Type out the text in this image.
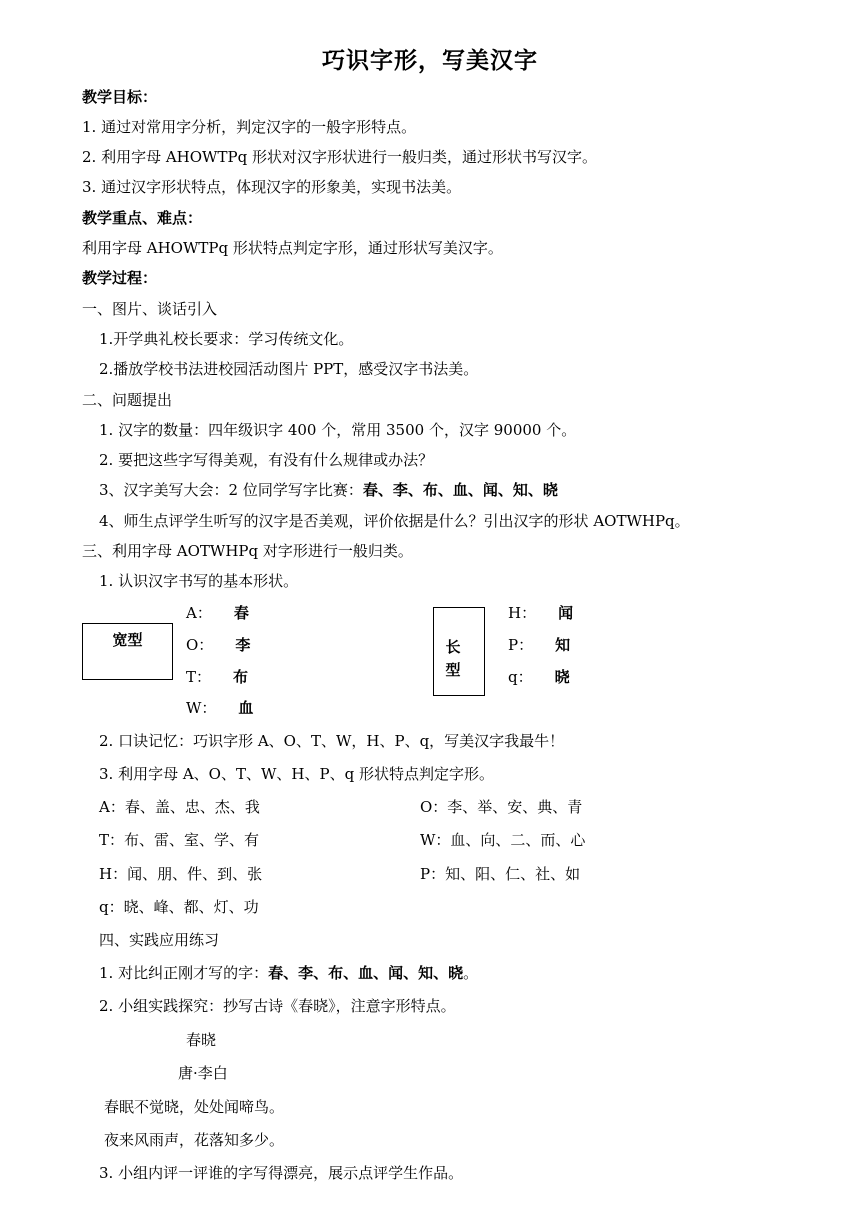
巧识字形，写美汉字
教学目标：
1. 通过对常用字分析，判定汉字的一般字形特点。
2. 利用字母 AHOWTPq 形状对汉字形状进行一般归类，通过形状书写汉字。
3. 通过汉字形状特点，体现汉字的形象美，实现书法美。
教学重点、难点：
利用字母 AHOWTPq 形状特点判定字形，通过形状写美汉字。
教学过程：
一、图片、谈话引入
1.开学典礼校长要求：学习传统文化。
2.播放学校书法进校园活动图片 PPT，感受汉字书法美。
二、问题提出
1. 汉字的数量：四年级识字 400 个，常用 3500 个，汉字 90000 个。
2. 要把这些字写得美观，有没有什么规律或办法？
3、汉字美写大会：2 位同学写字比赛：春、李、布、血、闻、知、晓
4、师生点评学生听写的汉字是否美观，评价依据是什么？引出汉字的形状 AOTWHPq。
三、利用字母 AOTWHPq 对字形进行一般归类。
1. 认识汉字书写的基本形状。
宽型
A： 春
O： 李
T： 布
W： 血
长
型
H： 闻
P： 知
q： 晓
2. 口诀记忆：巧识字形 A、O、T、W，H、P、q，写美汉字我最牛！
3. 利用字母 A、O、T、W、H、P、q 形状特点判定字形。
A：春、盖、忠、杰、我	O：李、举、安、典、青
T：布、雷、室、学、有	W：血、向、二、而、心
H：闻、朋、件、到、张	P：知、阳、仁、社、如
q：晓、峰、都、灯、功
四、实践应用练习
1. 对比纠正刚才写的字：春、李、布、血、闻、知、晓。
2. 小组实践探究：抄写古诗《春晓》，注意字形特点。
春晓
唐·李白
春眠不觉晓，处处闻啼鸟。
夜来风雨声，花落知多少。
3. 小组内评一评谁的字写得漂亮，展示点评学生作品。
